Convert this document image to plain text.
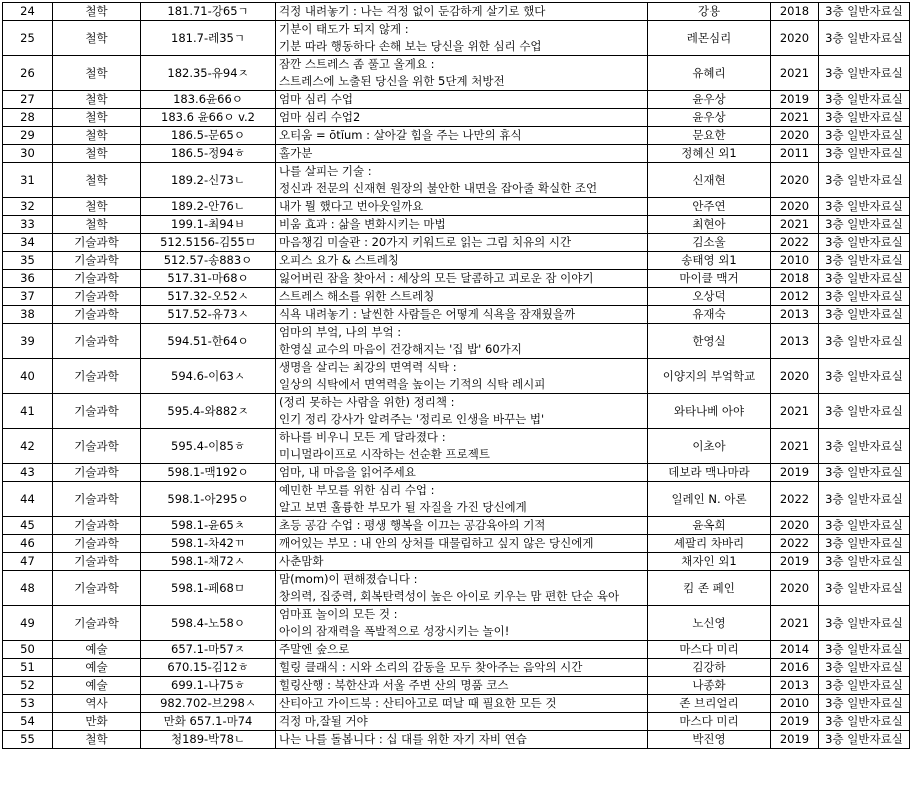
24	철학	181.71-강65ㄱ	걱정 내려놓기 : 나는 걱정 없이 둔감하게 살기로 했다	강용	2018	3층 일반자료실
25	철학	181.7-레35ㄱ	기분이 태도가 되지 않게 :
기분 따라 행동하다 손해 보는 당신을 위한 심리 수업	레몬심리	2020	3층 일반자료실
26	철학	182.35-유94ㅈ	잠깐 스트레스 좀 풀고 올게요 :
스트레스에 노출된 당신을 위한 5단계 처방전	유혜리	2021	3층 일반자료실
27	철학	183.6윤66ㅇ	엄마 심리 수업	윤우상	2019	3층 일반자료실
28	철학	183.6 윤66ㅇ v.2	엄마 심리 수업2	윤우상	2021	3층 일반자료실
29	철학	186.5-문65ㅇ	오티움 = ōtĭum : 살아갈 힘을 주는 나만의 휴식	문요한	2020	3층 일반자료실
30	철학	186.5-정94ㅎ	홀가분	정혜신 외1	2011	3층 일반자료실
31	철학	189.2-신73ㄴ	나를 살피는 기술 :
정신과 전문의 신재현 원장의 불안한 내면을 잡아줄 확실한 조언	신재현	2020	3층 일반자료실
32	철학	189.2-안76ㄴ	내가 뭘 했다고 번아웃일까요	안주연	2020	3층 일반자료실
33	철학	199.1-최94ㅂ	비움 효과 : 삶을 변화시키는 마법	최현아	2021	3층 일반자료실
34	기술과학	512.5156-김55ㅁ	마음챙김 미술관 : 20가지 키워드로 읽는 그림 치유의 시간	김소울	2022	3층 일반자료실
35	기술과학	512.57-송883ㅇ	오피스 요가 & 스트레칭	송태영 외1	2010	3층 일반자료실
36	기술과학	517.31-마68ㅇ	잃어버린 잠을 찾아서 : 세상의 모든 달콤하고 괴로운 잠 이야기	마이클 맥거	2018	3층 일반자료실
37	기술과학	517.32-오52ㅅ	스트레스 해소를 위한 스트레칭	오상덕	2012	3층 일반자료실
38	기술과학	517.52-유73ㅅ	식욕 내려놓기 : 날씬한 사람들은 어떻게 식욕을 잠재웠을까	유재숙	2013	3층 일반자료실
39	기술과학	594.51-한64ㅇ	엄마의 부엌, 나의 부엌 :
한영실 교수의 마음이 건강해지는 '집 밥' 60가지	한영실	2013	3층 일반자료실
40	기술과학	594.6-이63ㅅ	생명을 살리는 최강의 면역력 식탁 :
일상의 식탁에서 면역력을 높이는 기적의 식탁 레시피	이양지의 부엌학교	2020	3층 일반자료실
41	기술과학	595.4-와882ㅈ	(정리 못하는 사람을 위한) 정리책 :
인기 정리 강사가 알려주는 '정리로 인생을 바꾸는 법'	와타나베 아야	2021	3층 일반자료실
42	기술과학	595.4-이85ㅎ	하나를 비우니 모든 게 달라졌다 :
미니멀라이프로 시작하는 선순환 프로젝트	이초아	2021	3층 일반자료실
43	기술과학	598.1-맥192ㅇ	엄마, 내 마음을 읽어주세요	데보라 맥나마라	2019	3층 일반자료실
44	기술과학	598.1-아295ㅇ	예민한 부모를 위한 심리 수업 :
알고 보면 훌륭한 부모가 될 자질을 가진 당신에게	일레인 N. 아론	2022	3층 일반자료실
45	기술과학	598.1-윤65ㅊ	초등 공감 수업 : 평생 행복을 이끄는 공감육아의 기적	윤옥희	2020	3층 일반자료실
46	기술과학	598.1-차42ㄲ	깨어있는 부모 : 내 안의 상처를 대물림하고 싶지 않은 당신에게	셰팔리 차바리	2022	3층 일반자료실
47	기술과학	598.1-채72ㅅ	사춘맘화	채자인 외1	2019	3층 일반자료실
48	기술과학	598.1-페68ㅁ	맘(mom)이 편해졌습니다 :
창의력, 집중력, 회복탄력성이 높은 아이로 키우는 맘 편한 단순 육아	킴 존 페인	2020	3층 일반자료실
49	기술과학	598.4-노58ㅇ	엄마표 놀이의 모든 것 :
아이의 잠재력을 폭발적으로 성장시키는 놀이!	노신영	2021	3층 일반자료실
50	예술	657.1-마57ㅈ	주말엔 숲으로	마스다 미리	2014	3층 일반자료실
51	예술	670.15-김12ㅎ	힐링 클래식 : 시와 소리의 감동을 모두 찾아주는 음악의 시간	김강하	2016	3층 일반자료실
52	예술	699.1-나75ㅎ	힐링산행 : 북한산과 서울 주변 산의 명품 코스	나종화	2013	3층 일반자료실
53	역사	982.702-브298ㅅ	산티아고 가이드북 : 산티아고로 떠날 때 필요한 모든 것	존 브리얼리	2010	3층 일반자료실
54	만화	만화 657.1-마74	걱정 마,잘될 거야	마스다 미리	2019	3층 일반자료실
55	철학	청189-박78ㄴ	나는 나를 돌봅니다 : 십 대를 위한 자기 자비 연습	박진영	2019	3층 일반자료실
